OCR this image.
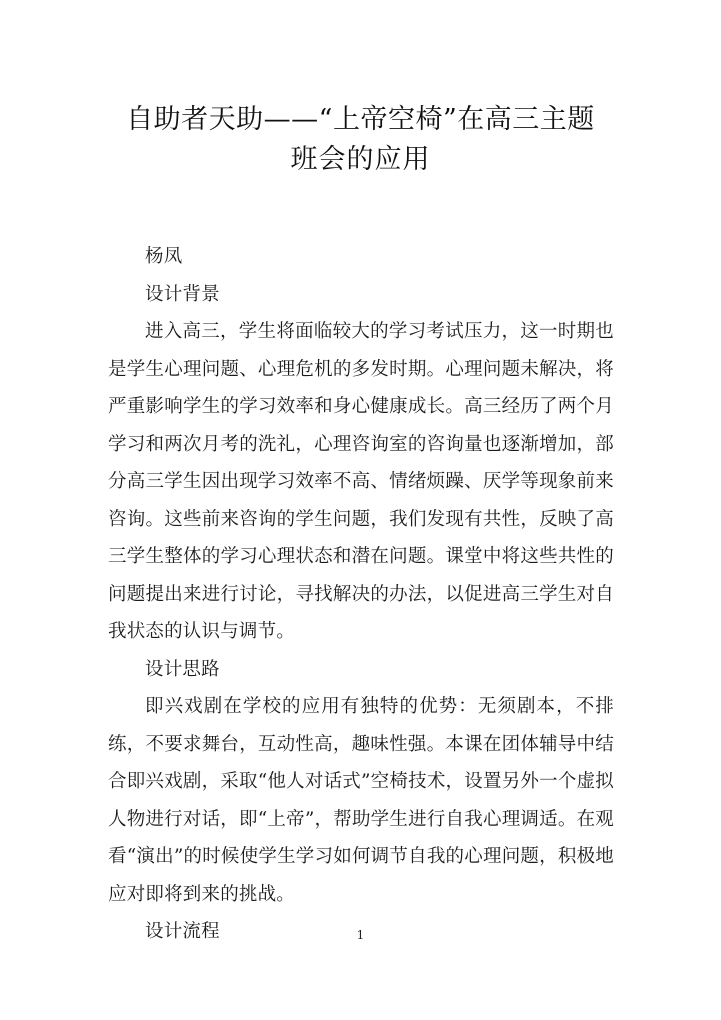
自助者天助——“上帝空椅”在高三主题
班会的应用

杨凤

设计背景

进入高三，学生将面临较大的学习考试压力，这一时期也是学生心理问题、心理危机的多发时期。心理问题未解决，将严重影响学生的学习效率和身心健康成长。高三经历了两个月学习和两次月考的洗礼，心理咨询室的咨询量也逐渐增加，部分高三学生因出现学习效率不高、情绪烦躁、厌学等现象前来咨询。这些前来咨询的学生问题，我们发现有共性，反映了高三学生整体的学习心理状态和潜在问题。课堂中将这些共性的问题提出来进行讨论，寻找解决的办法，以促进高三学生对自我状态的认识与调节。

设计思路

即兴戏剧在学校的应用有独特的优势：无须剧本，不排练，不要求舞台，互动性高，趣味性强。本课在团体辅导中结合即兴戏剧，采取“他人对话式”空椅技术，设置另外一个虚拟人物进行对话，即“上帝”，帮助学生进行自我心理调适。在观看“演出”的时候使学生学习如何调节自我的心理问题，积极地应对即将到来的挑战。

设计流程	1
